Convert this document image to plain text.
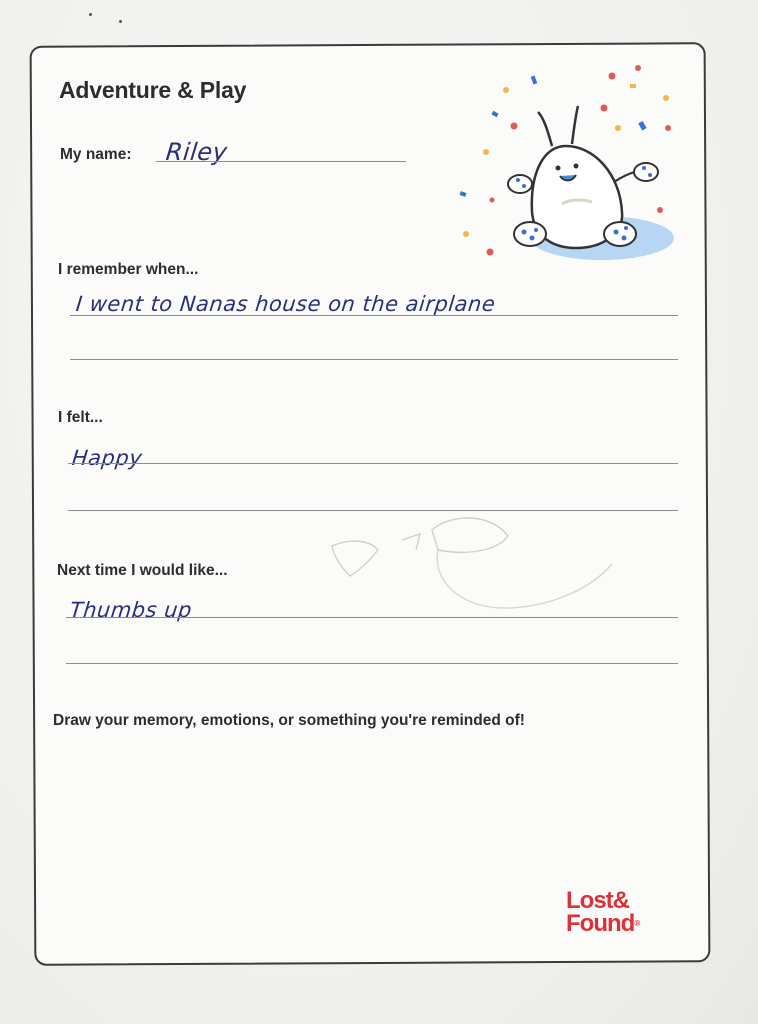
Adventure & Play
My name: Riley
I remember when...
I went to Nanas house on the airplane
I felt...
Happy
Next time I would like...
Thumbs up
Draw your memory, emotions, or something you're reminded of!
Lost&
Found®
